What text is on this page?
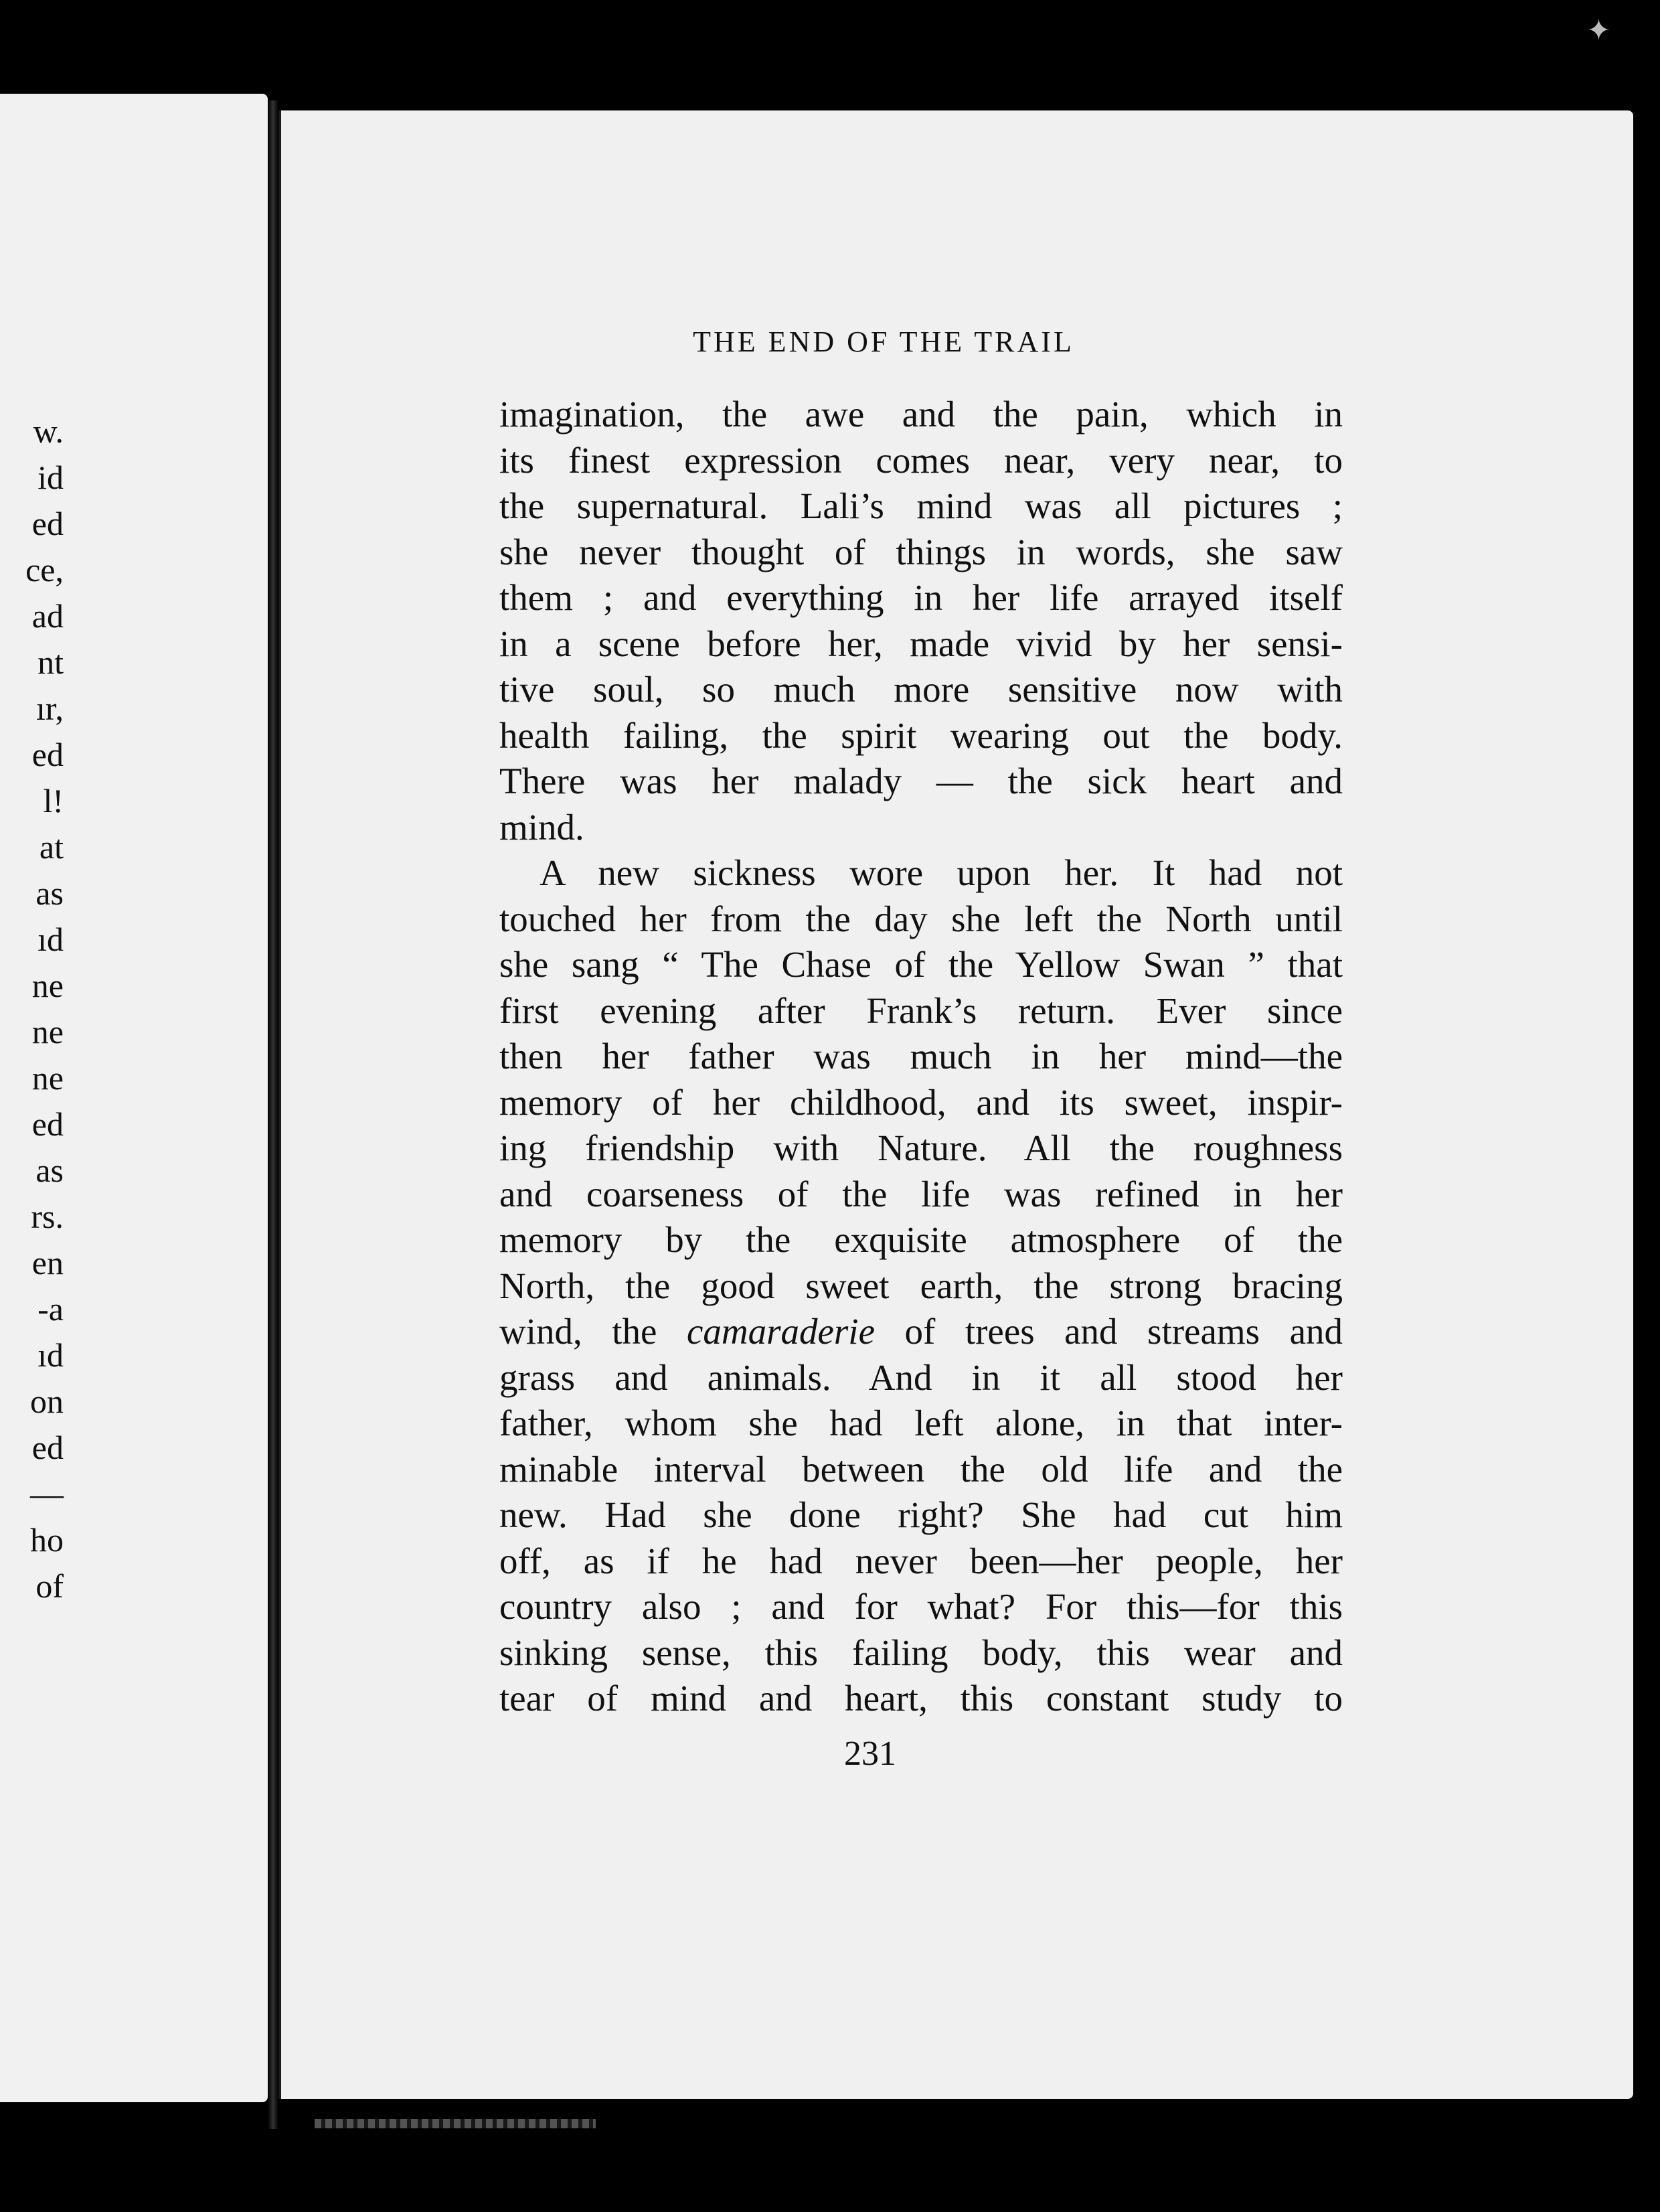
w.
id
ed
ce,
ad
nt
ır,
ed
l!
at
as
ıd
ne
ne
ne
ed
as
rs.
en
-a
ıd
on
ed
—
ho
of
THE END OF THE TRAIL
imagination, the awe and the pain, which in
its finest expression comes near, very near, to
the supernatural. Lali’s mind was all pictures ;
she never thought of things in words, she saw
them ; and everything in her life arrayed itself
in a scene before her, made vivid by her sensi-
tive soul, so much more sensitive now with
health failing, the spirit wearing out the body.
There was her malady — the sick heart and
mind.
A new sickness wore upon her. It had not
touched her from the day she left the North until
she sang “ The Chase of the Yellow Swan ” that
first evening after Frank’s return. Ever since
then her father was much in her mind—the
memory of her childhood, and its sweet, inspir-
ing friendship with Nature. All the roughness
and coarseness of the life was refined in her
memory by the exquisite atmosphere of the
North, the good sweet earth, the strong bracing
wind, the camaraderie of trees and streams and
grass and animals. And in it all stood her
father, whom she had left alone, in that inter-
minable interval between the old life and the
new. Had she done right? She had cut him
off, as if he had never been—her people, her
country also ; and for what? For this—for this
sinking sense, this failing body, this wear and
tear of mind and heart, this constant study to
231
✦
